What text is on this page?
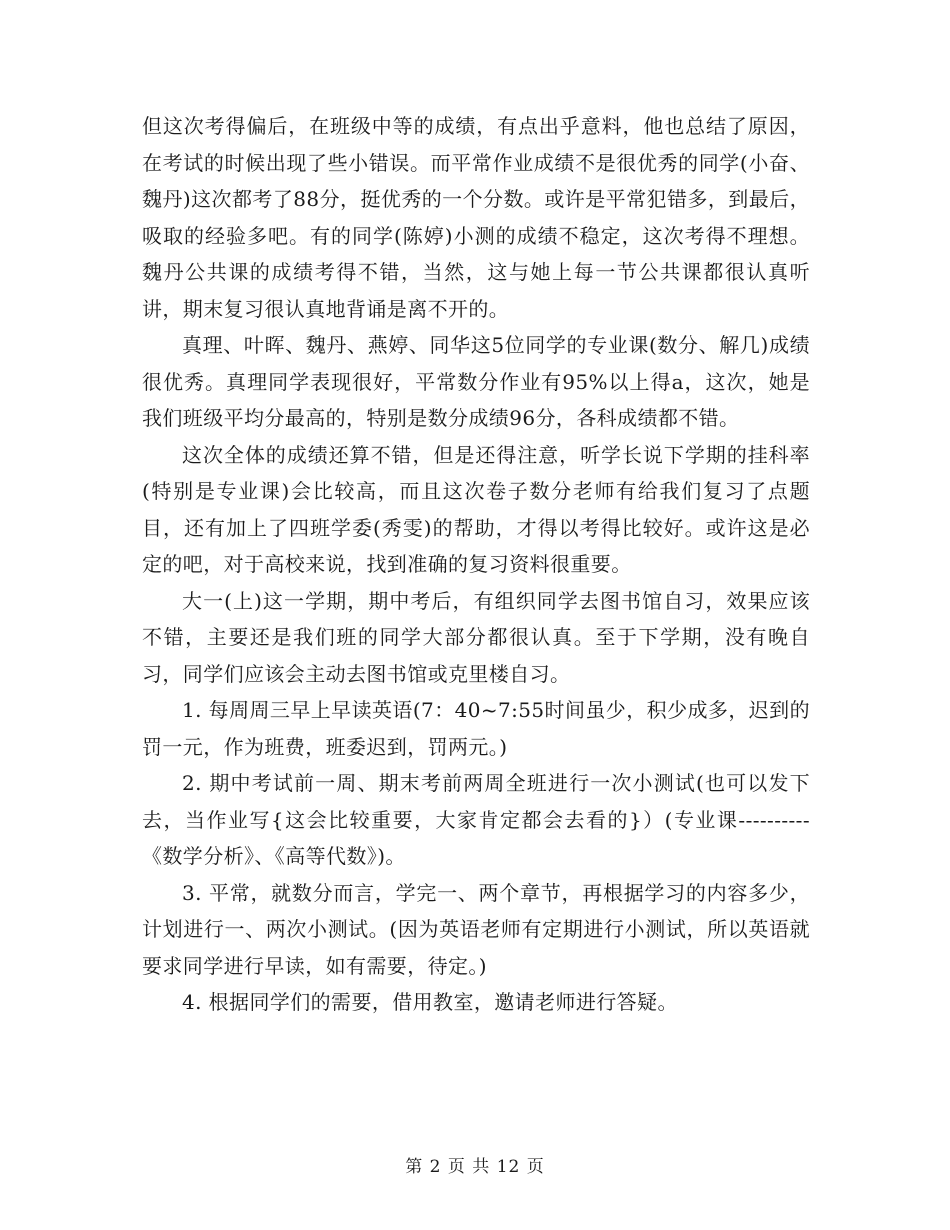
但这次考得偏后，在班级中等的成绩，有点出乎意料，他也总结了原因，在考试的时候出现了些小错误。而平常作业成绩不是很优秀的同学(小奋、魏丹)这次都考了88分，挺优秀的一个分数。或许是平常犯错多，到最后，吸取的经验多吧。有的同学(陈婷)小测的成绩不稳定，这次考得不理想。魏丹公共课的成绩考得不错，当然，这与她上每一节公共课都很认真听讲，期末复习很认真地背诵是离不开的。

真理、叶晖、魏丹、燕婷、同华这5位同学的专业课(数分、解几)成绩很优秀。真理同学表现很好，平常数分作业有95%以上得a，这次，她是我们班级平均分最高的，特别是数分成绩96分，各科成绩都不错。

这次全体的成绩还算不错，但是还得注意，听学长说下学期的挂科率(特别是专业课)会比较高，而且这次卷子数分老师有给我们复习了点题目，还有加上了四班学委(秀雯)的帮助，才得以考得比较好。或许这是必定的吧，对于高校来说，找到准确的复习资料很重要。

大一(上)这一学期，期中考后，有组织同学去图书馆自习，效果应该不错，主要还是我们班的同学大部分都很认真。至于下学期，没有晚自习，同学们应该会主动去图书馆或克里楼自习。

1. 每周周三早上早读英语(7：40~7:55时间虽少，积少成多，迟到的罚一元，作为班费，班委迟到，罚两元。)

2. 期中考试前一周、期末考前两周全班进行一次小测试(也可以发下去，当作业写{这会比较重要，大家肯定都会去看的}）(专业课----------《数学分析》、《高等代数》)。

3. 平常，就数分而言，学完一、两个章节，再根据学习的内容多少，计划进行一、两次小测试。(因为英语老师有定期进行小测试，所以英语就要求同学进行早读，如有需要，待定。)

4. 根据同学们的需要，借用教室，邀请老师进行答疑。

第 2 页 共 12 页
